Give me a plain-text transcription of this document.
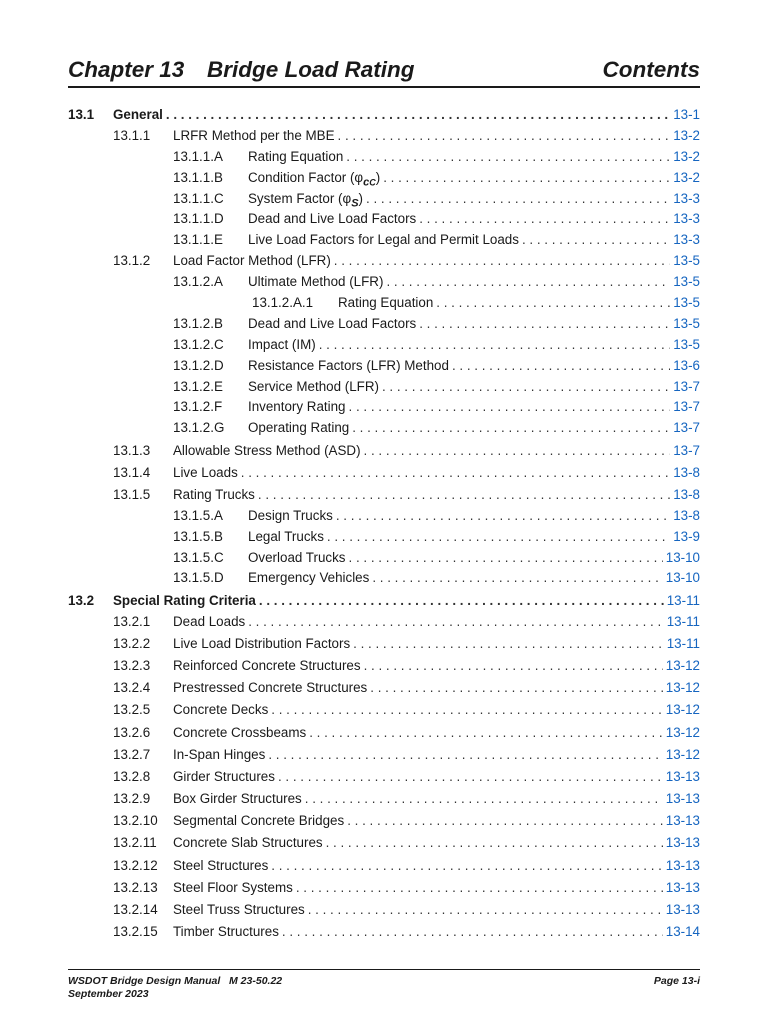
Chapter 13 Bridge Load Rating	Contents
13.1 General . . .	13-1
13.1.1 LRFR Method per the MBE . . .	13-2
13.1.1.A Rating Equation . . .	13-2
13.1.1.B Condition Factor $(\varphi_{cC})$ . . .	13-2
13.1.1.C System Factor $(\varphi_S)$ . . .	13-3
13.1.1.D Dead and Live Load Factors . . .	13-3
13.1.1.E Live Load Factors for Legal and Permit Loads . . .	13-3
13.1.2 Load Factor Method (LFR) . . .	13-5
13.1.2.A Ultimate Method (LFR) . . .	13-5
13.1.2.A.1 Rating Equation . . .	13-5
13.1.2.B Dead and Live Load Factors . . .	13-5
13.1.2.C Impact (IM) . . .	13-5
13.1.2.D Resistance Factors (LFR) Method . . .	13-6
13.1.2.E Service Method (LFR) . . .	13-7
13.1.2.F Inventory Rating . . .	13-7
13.1.2.G Operating Rating . . .	13-7
13.1.3 Allowable Stress Method (ASD) . . .	13-7
13.1.4 Live Loads . . .	13-8
13.1.5 Rating Trucks . . .	13-8
13.1.5.A Design Trucks . . .	13-8
13.1.5.B Legal Trucks . . .	13-9
13.1.5.C Overload Trucks . . .	13-10
13.1.5.D Emergency Vehicles . . .	13-10
13.2 Special Rating Criteria . . .	13-11
13.2.1 Dead Loads . . .	13-11
13.2.2 Live Load Distribution Factors . . .	13-11
13.2.3 Reinforced Concrete Structures . . .	13-12
13.2.4 Prestressed Concrete Structures . . .	13-12
13.2.5 Concrete Decks . . .	13-12
13.2.6 Concrete Crossbeams . . .	13-12
13.2.7 In-Span Hinges . . .	13-12
13.2.8 Girder Structures . . .	13-13
13.2.9 Box Girder Structures . . .	13-13
13.2.10 Segmental Concrete Bridges . . .	13-13
13.2.11 Concrete Slab Structures . . .	13-13
13.2.12 Steel Structures . . .	13-13
13.2.13 Steel Floor Systems . . .	13-13
13.2.14 Steel Truss Structures . . .	13-13
13.2.15 Timber Structures . . .	13-14
WSDOT Bridge Design Manual   M 23-50.22
September 2023
Page 13-i
